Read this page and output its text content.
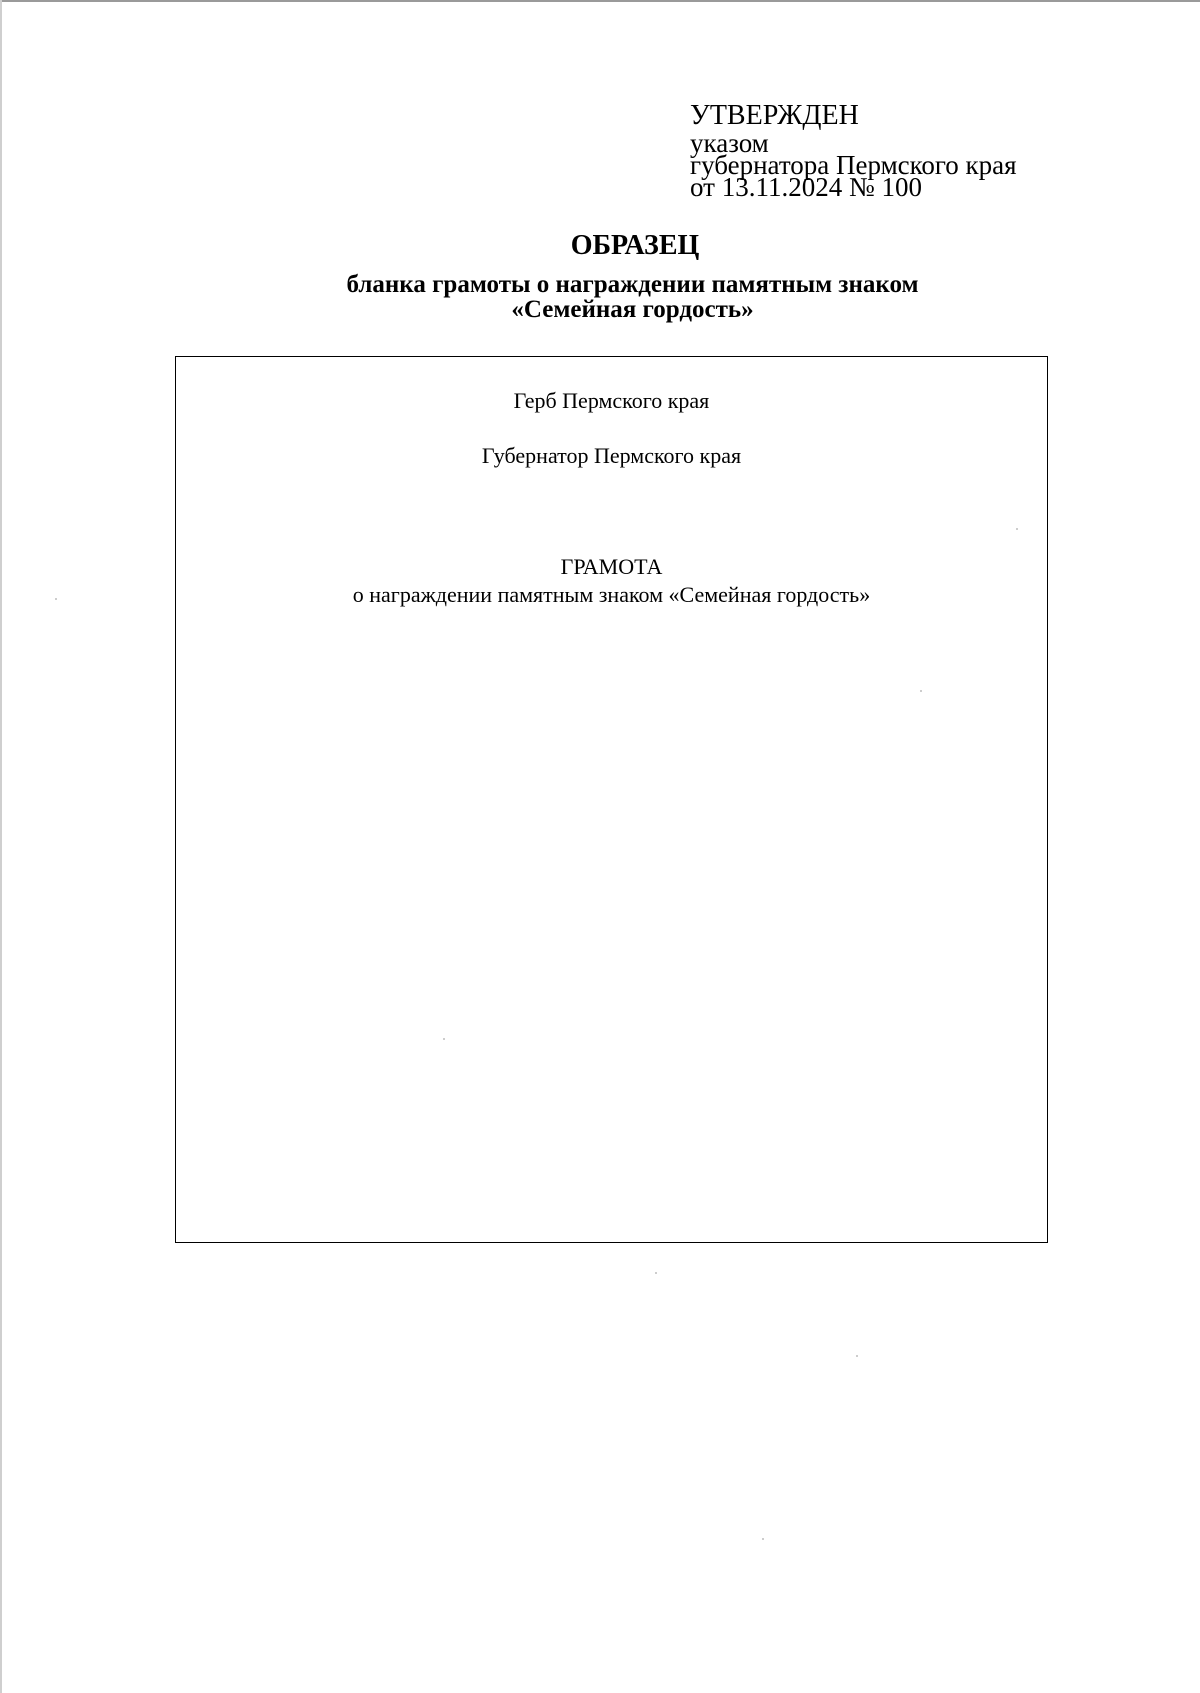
УТВЕРЖДЕН
указом
губернатора Пермского края
от 13.11.2024 № 100
ОБРАЗЕЦ
бланка грамоты о награждении памятным знаком
«Семейная гордость»
Герб Пермского края
Губернатор Пермского края
ГРАМОТА
о награждении памятным знаком «Семейная гордость»
